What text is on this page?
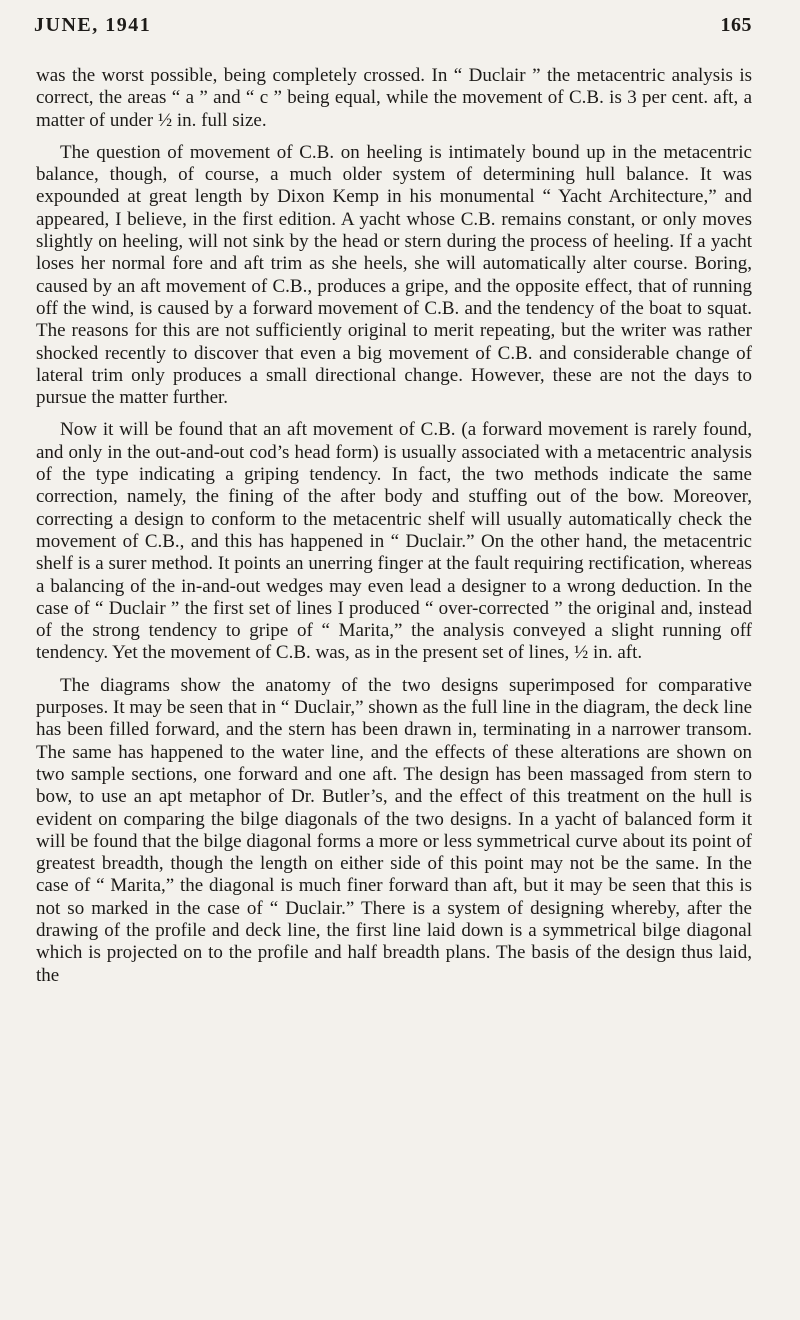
JUNE, 1941	165

was the worst possible, being completely crossed. In “ Duclair ” the metacentric analysis is correct, the areas “ a ” and “ c ” being equal, while the movement of C.B. is 3 per cent. aft, a matter of under ½ in. full size.

The question of movement of C.B. on heeling is intimately bound up in the metacentric balance, though, of course, a much older system of determining hull balance. It was expounded at great length by Dixon Kemp in his monumental “ Yacht Architecture,” and appeared, I believe, in the first edition. A yacht whose C.B. remains constant, or only moves slightly on heeling, will not sink by the head or stern during the process of heeling. If a yacht loses her normal fore and aft trim as she heels, she will automatically alter course. Boring, caused by an aft movement of C.B., produces a gripe, and the opposite effect, that of running off the wind, is caused by a forward movement of C.B. and the tendency of the boat to squat. The reasons for this are not sufficiently original to merit repeating, but the writer was rather shocked recently to discover that even a big movement of C.B. and considerable change of lateral trim only produces a small directional change. However, these are not the days to pursue the matter further.

Now it will be found that an aft movement of C.B. (a forward movement is rarely found, and only in the out-and-out cod’s head form) is usually associated with a metacentric analysis of the type indicating a griping tendency. In fact, the two methods indicate the same correction, namely, the fining of the after body and stuffing out of the bow. Moreover, correcting a design to conform to the metacentric shelf will usually automatically check the movement of C.B., and this has happened in “ Duclair.” On the other hand, the metacentric shelf is a surer method. It points an unerring finger at the fault requiring rectification, whereas a balancing of the in-and-out wedges may even lead a designer to a wrong deduction. In the case of “ Duclair ” the first set of lines I produced “ over-corrected ” the original and, instead of the strong tendency to gripe of “ Marita,” the analysis conveyed a slight running off tendency. Yet the movement of C.B. was, as in the present set of lines, ½ in. aft.

The diagrams show the anatomy of the two designs superimposed for comparative purposes. It may be seen that in “ Duclair,” shown as the full line in the diagram, the deck line has been filled forward, and the stern has been drawn in, terminating in a narrower transom. The same has happened to the water line, and the effects of these alterations are shown on two sample sections, one forward and one aft. The design has been massaged from stern to bow, to use an apt metaphor of Dr. Butler’s, and the effect of this treatment on the hull is evident on comparing the bilge diagonals of the two designs. In a yacht of balanced form it will be found that the bilge diagonal forms a more or less symmetrical curve about its point of greatest breadth, though the length on either side of this point may not be the same. In the case of “ Marita,” the diagonal is much finer forward than aft, but it may be seen that this is not so marked in the case of “ Duclair.” There is a system of designing whereby, after the drawing of the profile and deck line, the first line laid down is a symmetrical bilge diagonal which is projected on to the profile and half breadth plans. The basis of the design thus laid, the
